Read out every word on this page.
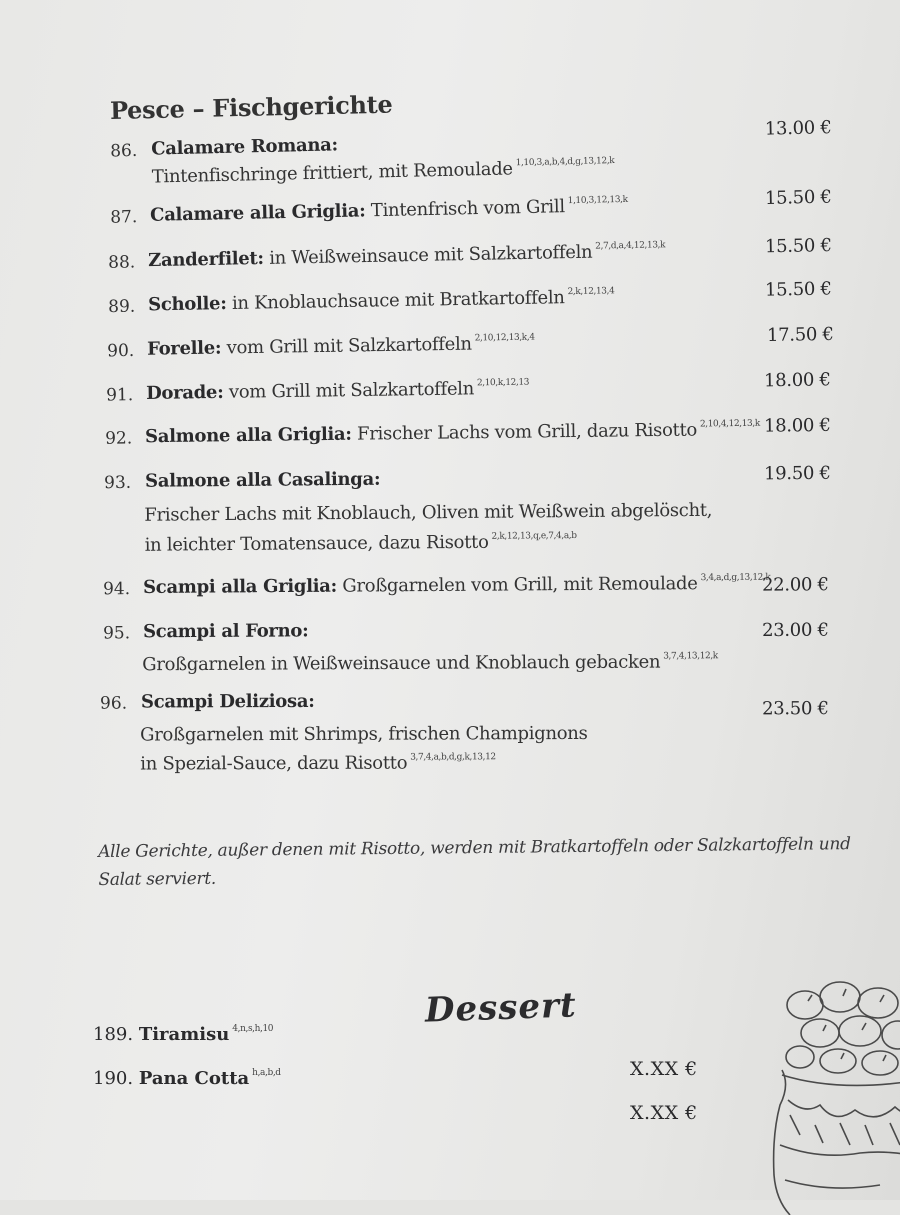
Pesce – Fischgerichte
86. Calamare Romana:
Tintenfischringe frittiert, mit Remoulade $^{1,10,3,a,b,4,d,g,13,12,k}$
13.00 €
87. Calamare alla Griglia: Tintenfrisch vom Grill $^{1,10,3,12,13,k}$	15.50 €
88. Zanderfilet: in Weißweinsauce mit Salzkartoffeln $^{2,7,d,a,4,12,13,k}$	15.50 €
89. Scholle: in Knoblauchsauce mit Bratkartoffeln $^{2,k,12,13,4}$	15.50 €
90. Forelle: vom Grill mit Salzkartoffeln $^{2,10,12,13,k,4}$	17.50 €
91. Dorade: vom Grill mit Salzkartoffeln $^{2,10,k,12,13}$	18.00 €
92. Salmone alla Griglia: Frischer Lachs vom Grill, dazu Risotto $^{2,10,4,12,13,k}$ 18.00 €
93. Salmone alla Casalinga:
Frischer Lachs mit Knoblauch, Oliven mit Weißwein abgelöscht,
in leichter Tomatensauce, dazu Risotto $^{2,k,12,13,q,e,7,4,a,b}$
19.50 €
94. Scampi alla Griglia: Großgarnelen vom Grill, mit Remoulade $^{3,4,a,d,g,13,12,k}$
22.00 €
95. Scampi al Forno:
Großgarnelen in Weißweinsauce und Knoblauch gebacken $^{3,7,4,13,12,k}$
23.00 €
96. Scampi Deliziosa:
Großgarnelen mit Shrimps, frischen Champignons
in Spezial-Sauce, dazu Risotto $^{3,7,4,a,b,d,g,k,13,12}$
23.50 €
Alle Gerichte, außer denen mit Risotto, werden mit Bratkartoffeln oder Salzkartoffeln und Salat serviert.
Dessert
189. Tiramisu $^{4,n,s,h,10}$
X.XX €
190. Pana Cotta $^{h,a,b,d}$
X.XX €
